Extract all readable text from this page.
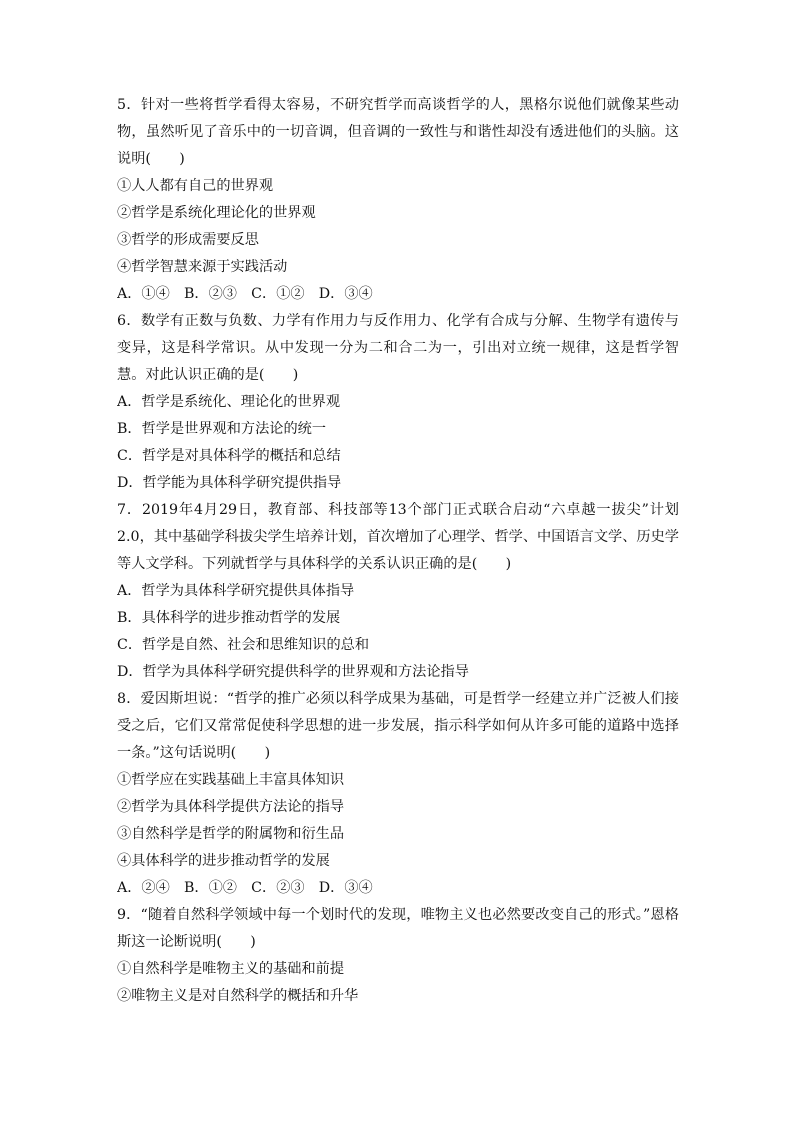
5．针对一些将哲学看得太容易，不研究哲学而高谈哲学的人，黑格尔说他们就像某些动物，虽然听见了音乐中的一切音调，但音调的一致性与和谐性却没有透进他们的头脑。这说明(　　)
①人人都有自己的世界观
②哲学是系统化理论化的世界观
③哲学的形成需要反思
④哲学智慧来源于实践活动
A．①④　B．②③　C．①②　D．③④
6．数学有正数与负数、力学有作用力与反作用力、化学有合成与分解、生物学有遗传与变异，这是科学常识。从中发现一分为二和合二为一，引出对立统一规律，这是哲学智慧。对此认识正确的是(　　)
A．哲学是系统化、理论化的世界观
B．哲学是世界观和方法论的统一
C．哲学是对具体科学的概括和总结
D．哲学能为具体科学研究提供指导
7．2019年4月29日，教育部、科技部等13个部门正式联合启动“六卓越一拔尖”计划2.0，其中基础学科拔尖学生培养计划，首次增加了心理学、哲学、中国语言文学、历史学等人文学科。下列就哲学与具体科学的关系认识正确的是(　　)
A．哲学为具体科学研究提供具体指导
B．具体科学的进步推动哲学的发展
C．哲学是自然、社会和思维知识的总和
D．哲学为具体科学研究提供科学的世界观和方法论指导
8．爱因斯坦说：“哲学的推广必须以科学成果为基础，可是哲学一经建立并广泛被人们接受之后，它们又常常促使科学思想的进一步发展，指示科学如何从许多可能的道路中选择一条。”这句话说明(　　)
①哲学应在实践基础上丰富具体知识
②哲学为具体科学提供方法论的指导
③自然科学是哲学的附属物和衍生品
④具体科学的进步推动哲学的发展
A．②④　B．①②　C．②③　D．③④
9．“随着自然科学领域中每一个划时代的发现，唯物主义也必然要改变自己的形式。”恩格斯这一论断说明(　　)
①自然科学是唯物主义的基础和前提
②唯物主义是对自然科学的概括和升华
